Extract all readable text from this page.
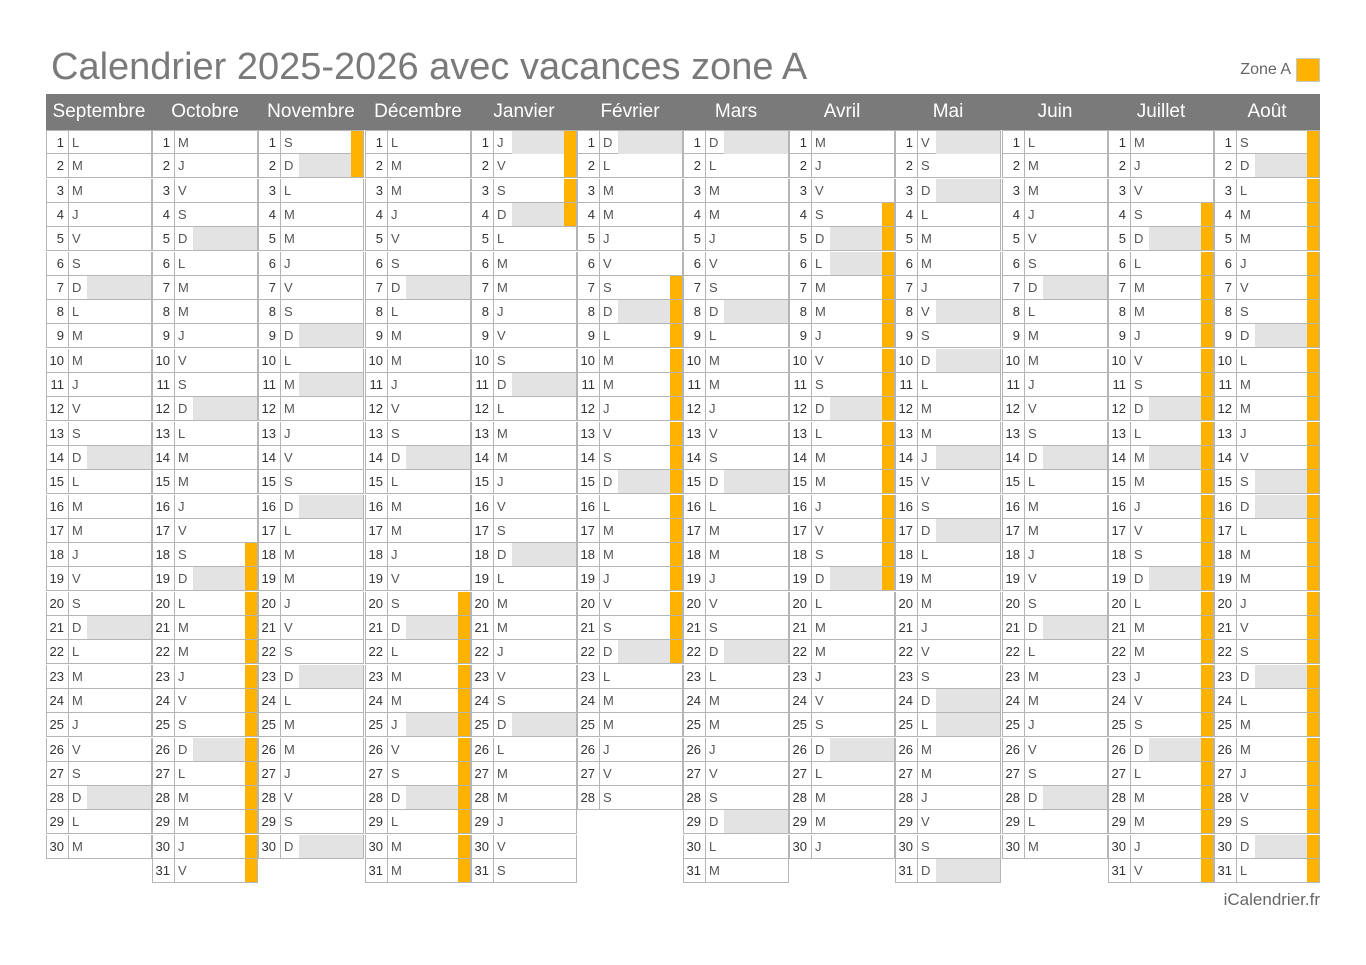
Calendrier 2025-2026 avec vacances zone A	Zone A
Septembre
1 L
2 M
3 M
4 J
5 V
6 S
7 D
8 L
9 M
10 M
11 J
12 V
13 S
14 D
15 L
16 M
17 M
18 J
19 V
20 S
21 D
22 L
23 M
24 M
25 J
26 V
27 S
28 D
29 L
30 M
Octobre
1 M
2 J
3 V
4 S
5 D
6 L
7 M
8 M
9 J
10 V
11 S
12 D
13 L
14 M
15 M
16 J
17 V
18 S
19 D
20 L
21 M
22 M
23 J
24 V
25 S
26 D
27 L
28 M
29 M
30 J
31 V
Novembre
1 S
2 D
3 L
4 M
5 M
6 J
7 V
8 S
9 D
10 L
11 M
12 M
13 J
14 V
15 S
16 D
17 L
18 M
19 M
20 J
21 V
22 S
23 D
24 L
25 M
26 M
27 J
28 V
29 S
30 D
Décembre
1 L
2 M
3 M
4 J
5 V
6 S
7 D
8 L
9 M
10 M
11 J
12 V
13 S
14 D
15 L
16 M
17 M
18 J
19 V
20 S
21 D
22 L
23 M
24 M
25 J
26 V
27 S
28 D
29 L
30 M
31 M
Janvier
1 J
2 V
3 S
4 D
5 L
6 M
7 M
8 J
9 V
10 S
11 D
12 L
13 M
14 M
15 J
16 V
17 S
18 D
19 L
20 M
21 M
22 J
23 V
24 S
25 D
26 L
27 M
28 M
29 J
30 V
31 S
Février
1 D
2 L
3 M
4 M
5 J
6 V
7 S
8 D
9 L
10 M
11 M
12 J
13 V
14 S
15 D
16 L
17 M
18 M
19 J
20 V
21 S
22 D
23 L
24 M
25 M
26 J
27 V
28 S
Mars
1 D
2 L
3 M
4 M
5 J
6 V
7 S
8 D
9 L
10 M
11 M
12 J
13 V
14 S
15 D
16 L
17 M
18 M
19 J
20 V
21 S
22 D
23 L
24 M
25 M
26 J
27 V
28 S
29 D
30 L
31 M
Avril
1 M
2 J
3 V
4 S
5 D
6 L
7 M
8 M
9 J
10 V
11 S
12 D
13 L
14 M
15 M
16 J
17 V
18 S
19 D
20 L
21 M
22 M
23 J
24 V
25 S
26 D
27 L
28 M
29 M
30 J
Mai
1 V
2 S
3 D
4 L
5 M
6 M
7 J
8 V
9 S
10 D
11 L
12 M
13 M
14 J
15 V
16 S
17 D
18 L
19 M
20 M
21 J
22 V
23 S
24 D
25 L
26 M
27 M
28 J
29 V
30 S
31 D
Juin
1 L
2 M
3 M
4 J
5 V
6 S
7 D
8 L
9 M
10 M
11 J
12 V
13 S
14 D
15 L
16 M
17 M
18 J
19 V
20 S
21 D
22 L
23 M
24 M
25 J
26 V
27 S
28 D
29 L
30 M
Juillet
1 M
2 J
3 V
4 S
5 D
6 L
7 M
8 M
9 J
10 V
11 S
12 D
13 L
14 M
15 M
16 J
17 V
18 S
19 D
20 L
21 M
22 M
23 J
24 V
25 S
26 D
27 L
28 M
29 M
30 J
31 V
Août
1 S
2 D
3 L
4 M
5 M
6 J
7 V
8 S
9 D
10 L
11 M
12 M
13 J
14 V
15 S
16 D
17 L
18 M
19 M
20 J
21 V
22 S
23 D
24 L
25 M
26 M
27 J
28 V
29 S
30 D
31 L
iCalendrier.fr
